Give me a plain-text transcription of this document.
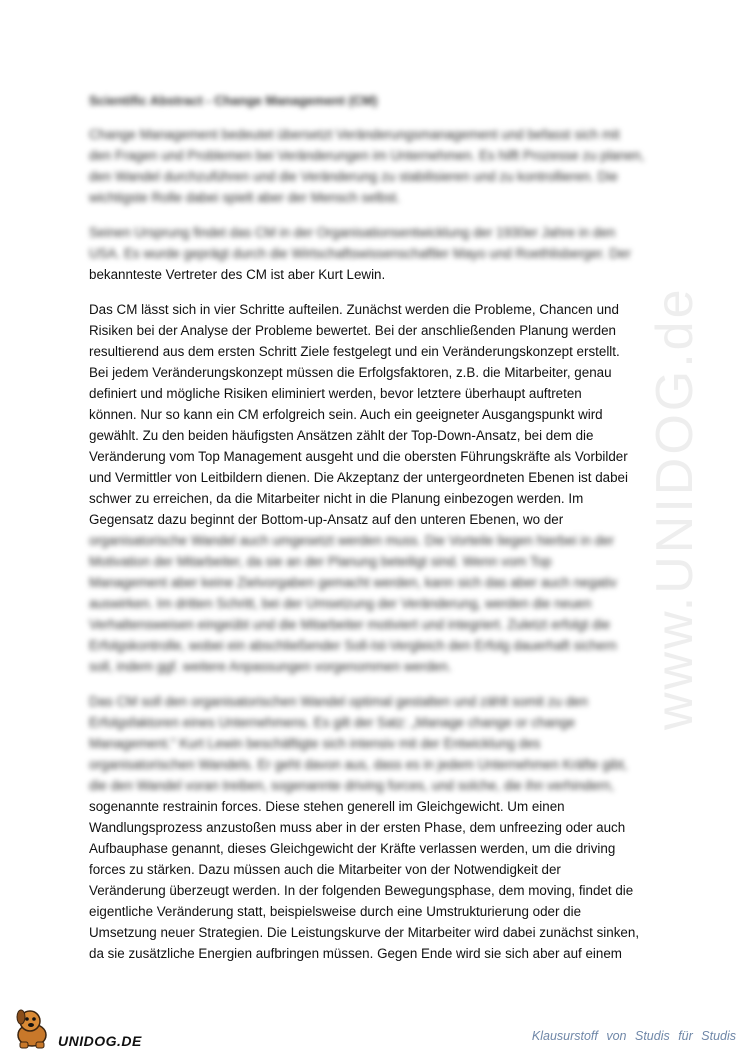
www.UNIDOG.de
Scientific Abstract - Change Management (CM)
Change Management bedeutet übersetzt Veränderungsmanagement und befasst sich mit
den Fragen und Problemen bei Veränderungen im Unternehmen. Es hilft Prozesse zu planen,
den Wandel durchzuführen und die Veränderung zu stabilisieren und zu kontrollieren. Die
wichtigste Rolle dabei spielt aber der Mensch selbst.
Seinen Ursprung findet das CM in der Organisationsentwicklung der 1930er Jahre in den
USA. Es wurde geprägt durch die Wirtschaftswissenschaftler Mayo und Roethlisberger. Der
bekannteste Vertreter des CM ist aber Kurt Lewin.
Das CM lässt sich in vier Schritte aufteilen. Zunächst werden die Probleme, Chancen und
Risiken bei der Analyse der Probleme bewertet. Bei der anschließenden Planung werden
resultierend aus dem ersten Schritt Ziele festgelegt und ein Veränderungskonzept erstellt.
Bei jedem Veränderungskonzept müssen die Erfolgsfaktoren, z.B. die Mitarbeiter, genau
definiert und mögliche Risiken eliminiert werden, bevor letztere überhaupt auftreten
können. Nur so kann ein CM erfolgreich sein. Auch ein geeigneter Ausgangspunkt wird
gewählt. Zu den beiden häufigsten Ansätzen zählt der Top-Down-Ansatz, bei dem die
Veränderung vom Top Management ausgeht und die obersten Führungskräfte als Vorbilder
und Vermittler von Leitbildern dienen. Die Akzeptanz der untergeordneten Ebenen ist dabei
schwer zu erreichen, da die Mitarbeiter nicht in die Planung einbezogen werden. Im
Gegensatz dazu beginnt der Bottom-up-Ansatz auf den unteren Ebenen, wo der
organisatorische Wandel auch umgesetzt werden muss. Die Vorteile liegen hierbei in der
Motivation der Mitarbeiter, da sie an der Planung beteiligt sind. Wenn vom Top
Management aber keine Zielvorgaben gemacht werden, kann sich das aber auch negativ
auswirken. Im dritten Schritt, bei der Umsetzung der Veränderung, werden die neuen
Verhaltensweisen eingeübt und die Mitarbeiter motiviert und integriert. Zuletzt erfolgt die
Erfolgskontrolle, wobei ein abschließender Soll-Ist-Vergleich den Erfolg dauerhaft sichern
soll, indem ggf. weitere Anpassungen vorgenommen werden.
Das CM soll den organisatorischen Wandel optimal gestalten und zählt somit zu den
Erfolgsfaktoren eines Unternehmens. Es gilt der Satz: „Manage change or change
Management." Kurt Lewin beschäftigte sich intensiv mit der Entwicklung des
organisatorischen Wandels. Er geht davon aus, dass es in jedem Unternehmen Kräfte gibt,
die den Wandel voran treiben, sogenannte driving forces, und solche, die ihn verhindern,
sogenannte restrainin forces. Diese stehen generell im Gleichgewicht. Um einen
Wandlungsprozess anzustoßen muss aber in der ersten Phase, dem unfreezing oder auch
Aufbauphase genannt, dieses Gleichgewicht der Kräfte verlassen werden, um die driving
forces zu stärken. Dazu müssen auch die Mitarbeiter von der Notwendigkeit der
Veränderung überzeugt werden. In der folgenden Bewegungsphase, dem moving, findet die
eigentliche Veränderung statt, beispielsweise durch eine Umstrukturierung oder die
Umsetzung neuer Strategien. Die Leistungskurve der Mitarbeiter wird dabei zunächst sinken,
da sie zusätzliche Energien aufbringen müssen. Gegen Ende wird sie sich aber auf einem
UNIDOG.DE	Klausurstoff von Studis für Studis
